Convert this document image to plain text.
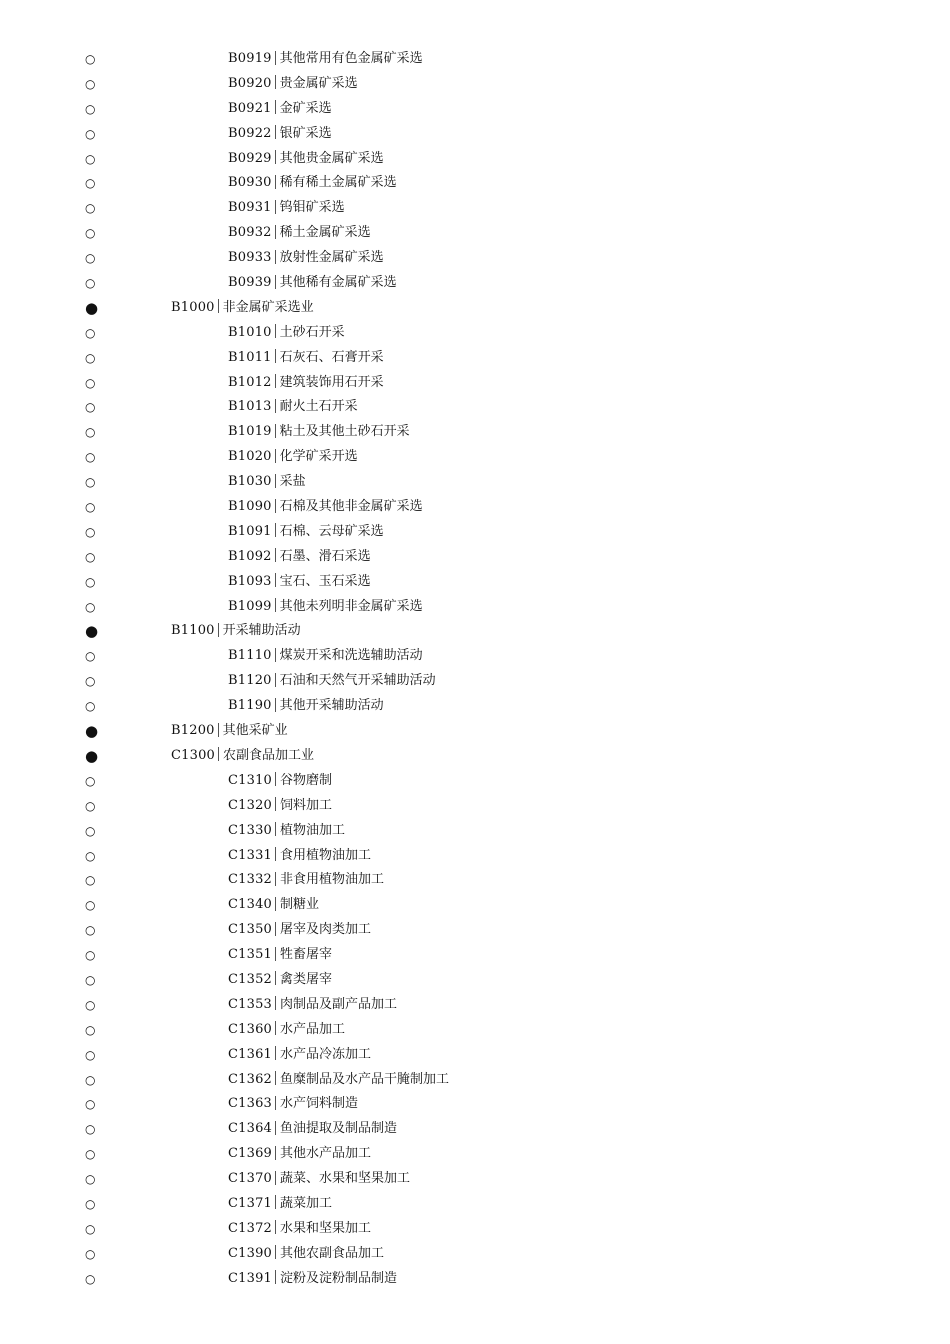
○	B0919 其他常用有色金属矿采选
○	B0920 贵金属矿采选
○	B0921 金矿采选
○	B0922 银矿采选
○	B0929 其他贵金属矿采选
○	B0930 稀有稀土金属矿采选
○	B0931 钨钼矿采选
○	B0932 稀土金属矿采选
○	B0933 放射性金属矿采选
○	B0939 其他稀有金属矿采选
●	B1000 非金属矿采选业
○	B1010 土砂石开采
○	B1011 石灰石、石膏开采
○	B1012 建筑装饰用石开采
○	B1013 耐火土石开采
○	B1019 粘土及其他土砂石开采
○	B1020 化学矿采开选
○	B1030 采盐
○	B1090 石棉及其他非金属矿采选
○	B1091 石棉、云母矿采选
○	B1092 石墨、滑石采选
○	B1093 宝石、玉石采选
○	B1099 其他未列明非金属矿采选
●	B1100 开采辅助活动
○	B1110 煤炭开采和洗选辅助活动
○	B1120 石油和天然气开采辅助活动
○	B1190 其他开采辅助活动
●	B1200 其他采矿业
●	C1300 农副食品加工业
○	C1310 谷物磨制
○	C1320 饲料加工
○	C1330 植物油加工
○	C1331 食用植物油加工
○	C1332 非食用植物油加工
○	C1340 制糖业
○	C1350 屠宰及肉类加工
○	C1351 牲畜屠宰
○	C1352 禽类屠宰
○	C1353 肉制品及副产品加工
○	C1360 水产品加工
○	C1361 水产品冷冻加工
○	C1362 鱼糜制品及水产品干腌制加工
○	C1363 水产饲料制造
○	C1364 鱼油提取及制品制造
○	C1369 其他水产品加工
○	C1370 蔬菜、水果和坚果加工
○	C1371 蔬菜加工
○	C1372 水果和坚果加工
○	C1390 其他农副食品加工
○	C1391 淀粉及淀粉制品制造
